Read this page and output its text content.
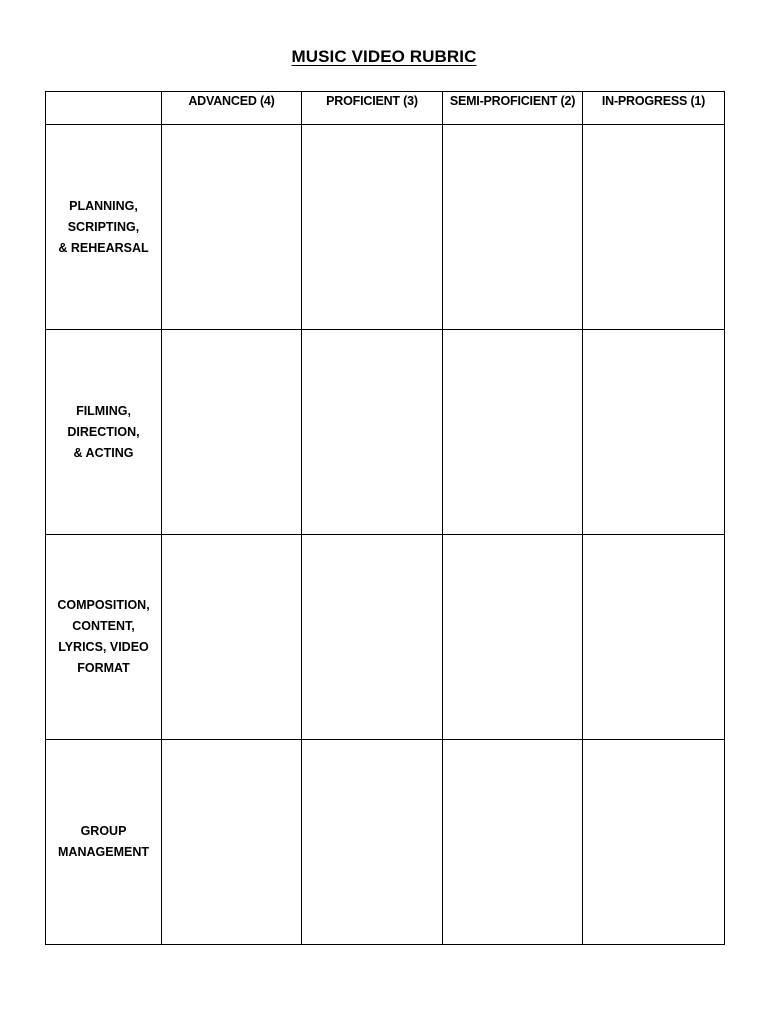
MUSIC VIDEO RUBRIC
	ADVANCED (4)	PROFICIENT (3)	SEMI-PROFICIENT (2)	IN-PROGRESS (1)

PLANNING,
SCRIPTING,
& REHEARSAL				

FILMING,
DIRECTION,
& ACTING				

COMPOSITION,
CONTENT,
LYRICS, VIDEO
FORMAT				

GROUP
MANAGEMENT				
